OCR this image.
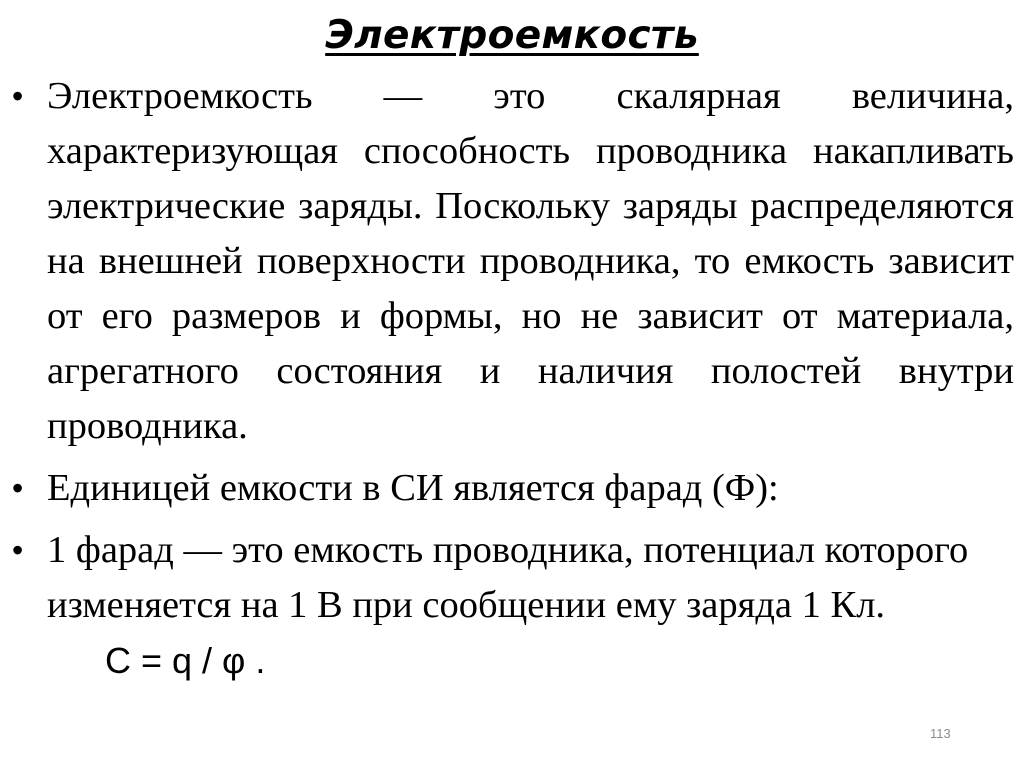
Электроемкость
• Электроемкость — это скалярная величина, характеризующая способность проводника накапливать электрические заряды. Поскольку заряды распределяются на внешней поверхности проводника, то емкость зависит от его размеров и формы, но не зависит от материала, агрегатного состояния и наличия полостей внутри проводника.
• Единицей емкости в СИ является фарад (Ф):
• 1 фарад — это емкость проводника, потенциал которого изменяется на 1 В при сообщении ему заряда 1 Кл. C = q / φ .
113
